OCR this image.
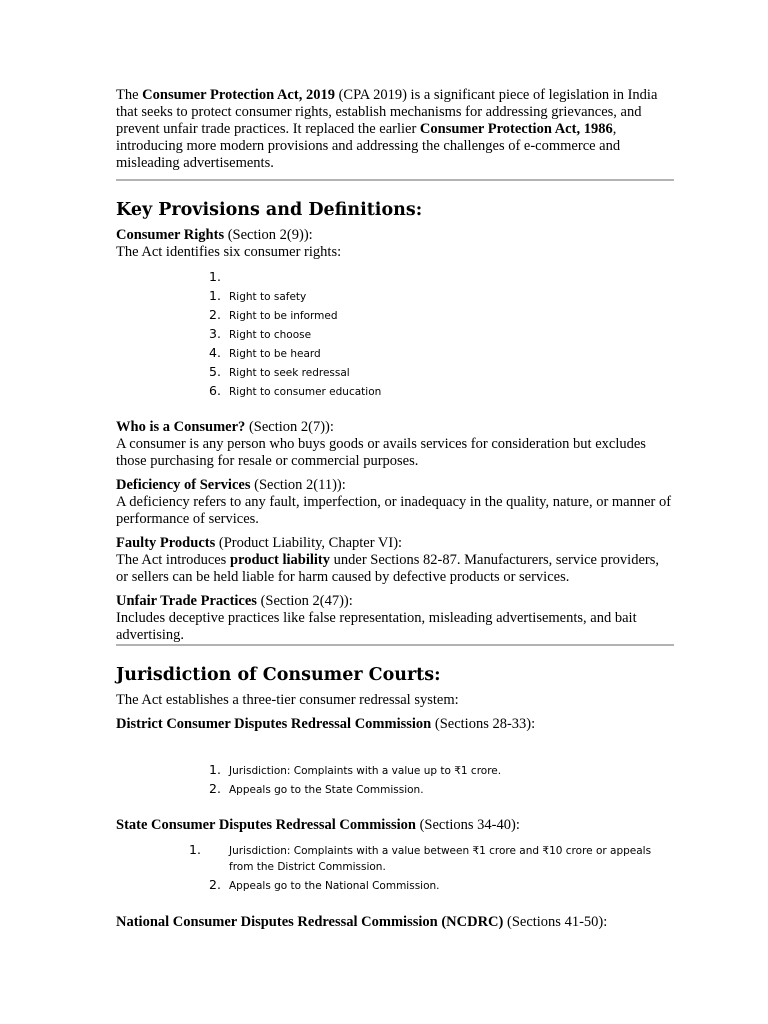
The Consumer Protection Act, 2019 (CPA 2019) is a significant piece of legislation in India that seeks to protect consumer rights, establish mechanisms for addressing grievances, and prevent unfair trade practices. It replaced the earlier Consumer Protection Act, 1986, introducing more modern provisions and addressing the challenges of e-commerce and misleading advertisements.

Key Provisions and Definitions:

Consumer Rights (Section 2(9)):
The Act identifies six consumer rights:

1.
1. Right to safety
2. Right to be informed
3. Right to choose
4. Right to be heard
5. Right to seek redressal
6. Right to consumer education

Who is a Consumer? (Section 2(7)):
A consumer is any person who buys goods or avails services for consideration but excludes those purchasing for resale or commercial purposes.

Deficiency of Services (Section 2(11)):
A deficiency refers to any fault, imperfection, or inadequacy in the quality, nature, or manner of performance of services.

Faulty Products (Product Liability, Chapter VI):
The Act introduces product liability under Sections 82-87. Manufacturers, service providers, or sellers can be held liable for harm caused by defective products or services.

Unfair Trade Practices (Section 2(47)):
Includes deceptive practices like false representation, misleading advertisements, and bait advertising.

Jurisdiction of Consumer Courts:

The Act establishes a three-tier consumer redressal system:

District Consumer Disputes Redressal Commission (Sections 28-33):

1. Jurisdiction: Complaints with a value up to ₹1 crore.
2. Appeals go to the State Commission.

State Consumer Disputes Redressal Commission (Sections 34-40):

1.	Jurisdiction: Complaints with a value between ₹1 crore and ₹10 crore or appeals from the District Commission.
2. Appeals go to the National Commission.

National Consumer Disputes Redressal Commission (NCDRC) (Sections 41-50):
